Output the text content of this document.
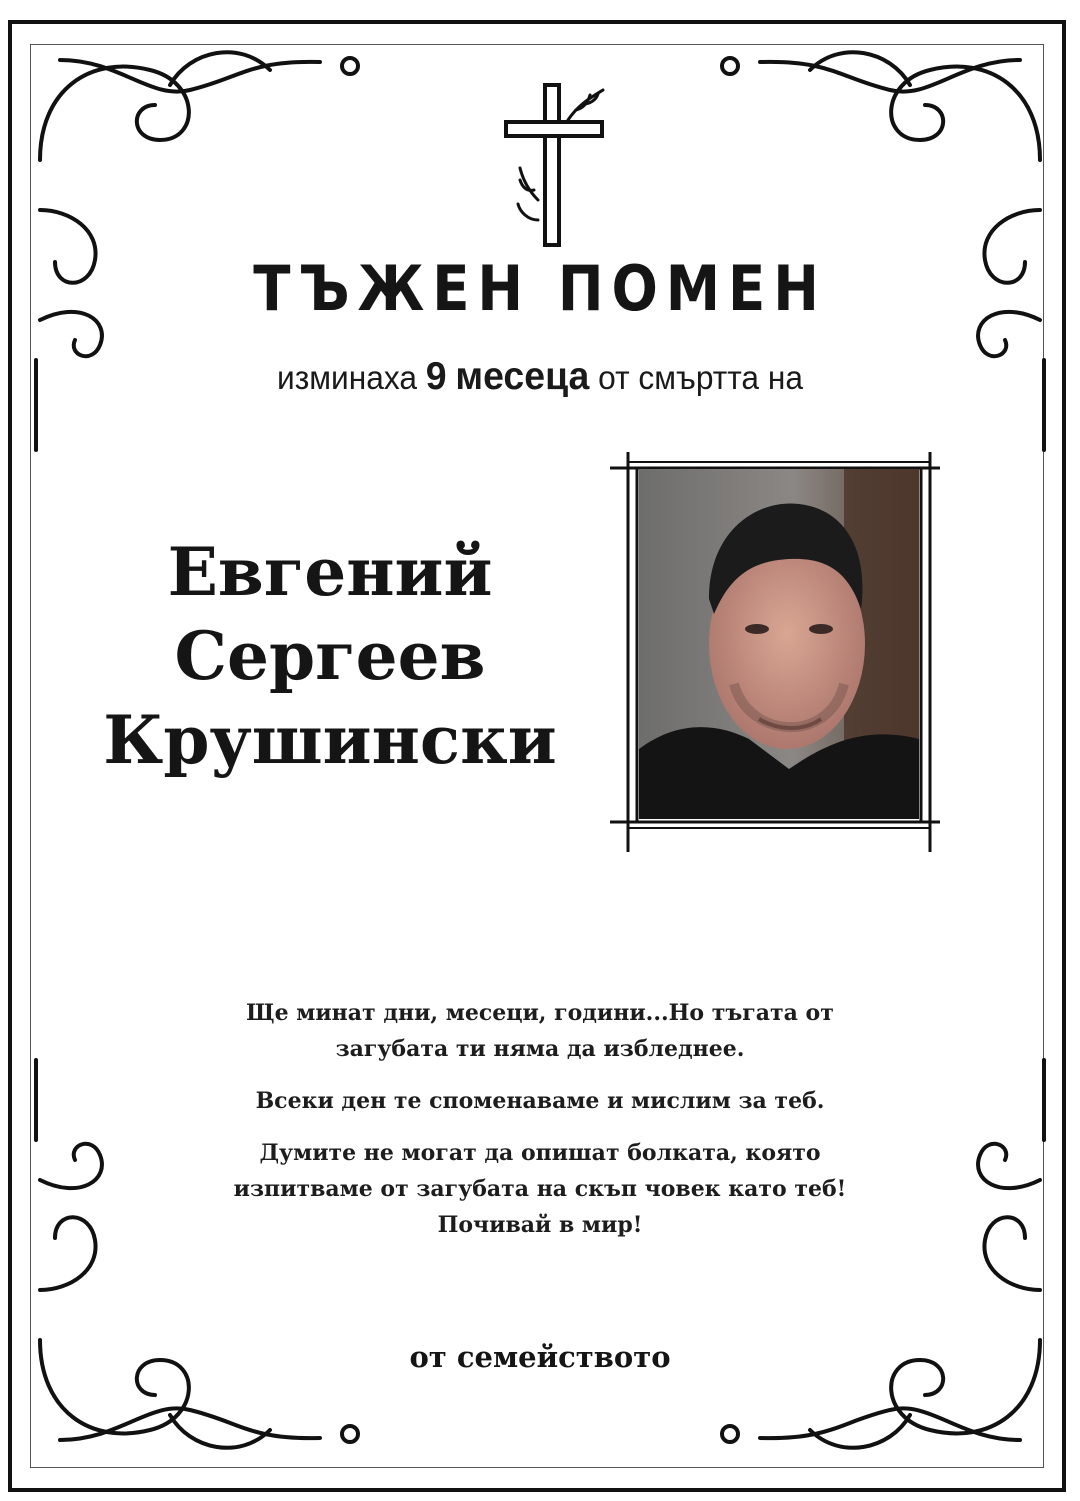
ТЪЖЕН ПОМЕН
изминаха 9 месеца от смъртта на
Евгений
Сергеев
Крушински

Ще минат дни, месеци, години...Но тъгата от
загубата ти няма да избледнее.

Всеки ден те споменаваме и мислим за теб.

Думите не могат да опишат болката, която
изпитваме от загубата на скъп човек като теб!
Почивай в мир!

от семейството
